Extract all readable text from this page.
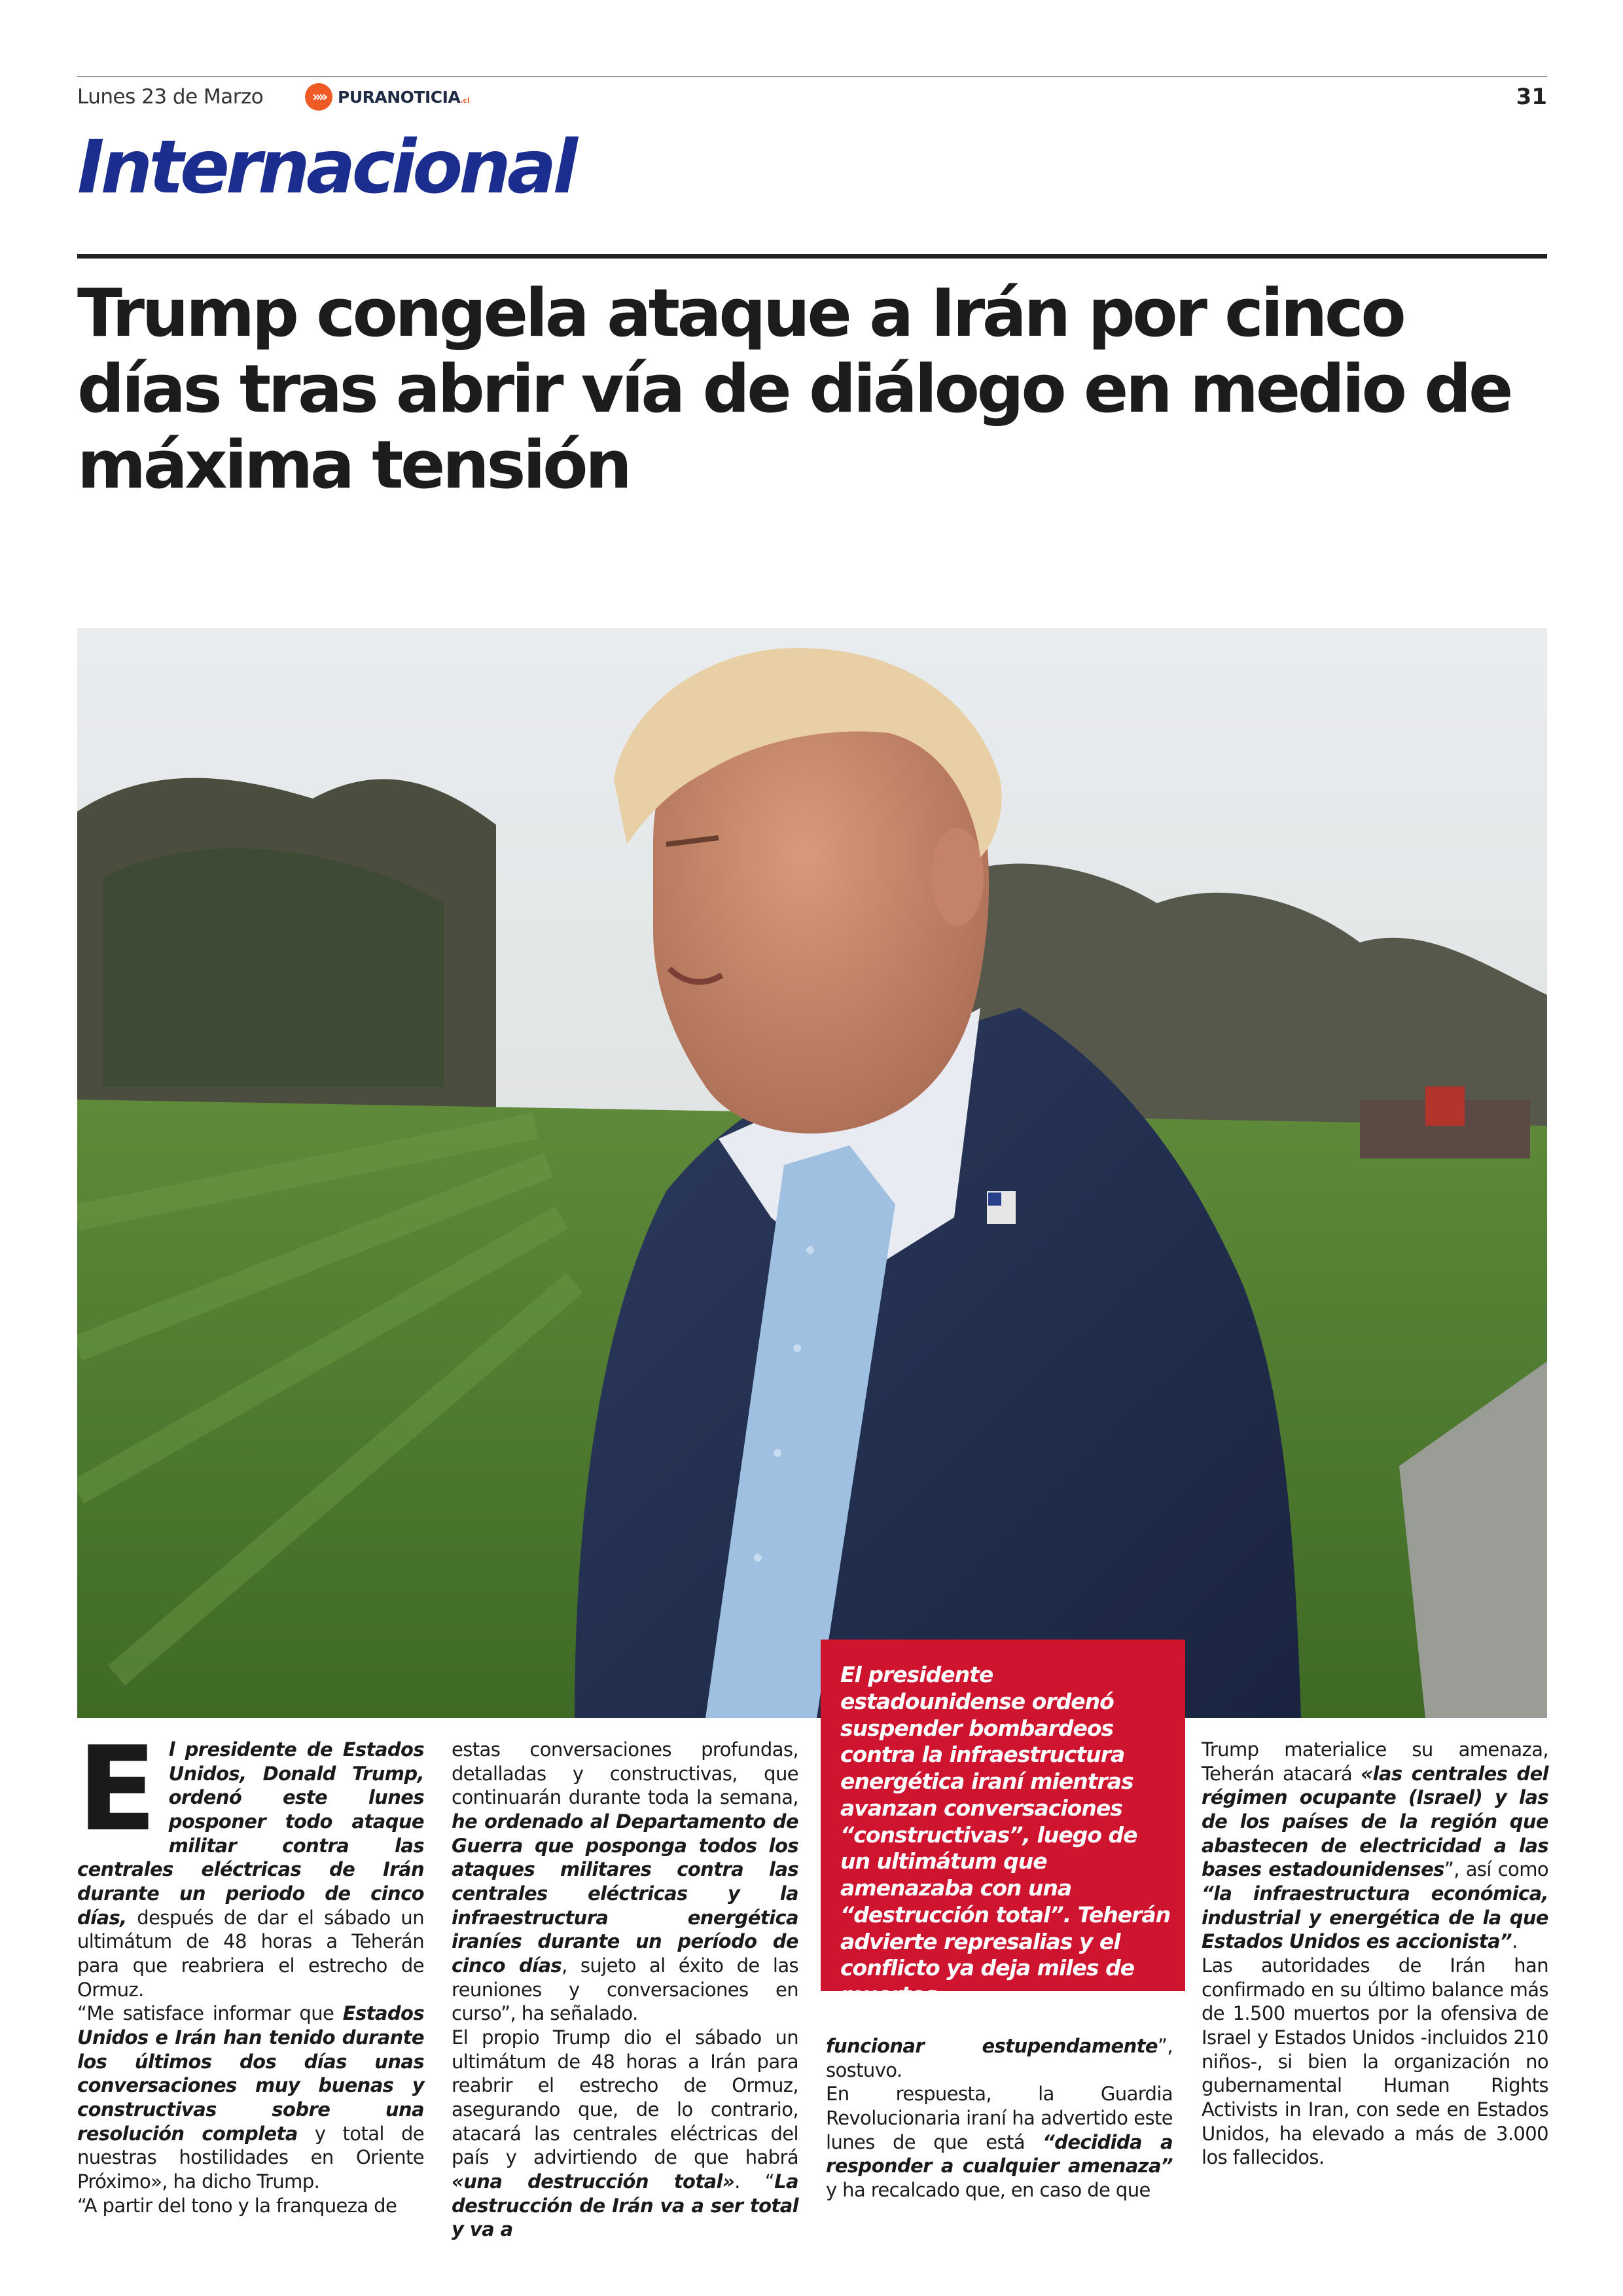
Lunes 23 de Marzo	»» PURANOTICIA.cl	31
Internacional
Trump congela ataque a Irán por cinco días tras abrir vía de diálogo en medio de máxima tensión
El presidente estadounidense ordenó suspender bombardeos contra la infraestructura energética iraní mientras avanzan conversaciones “constructivas”, luego de un ultimátum que amenazaba con una “destrucción total”. Teherán advierte represalias y el conflicto ya deja miles de muertos.

El presidente de Estados Unidos, Donald Trump, ordenó este lunes posponer todo ataque militar contra las centrales eléctricas de Irán durante un periodo de cinco días, después de dar el sábado un ultimátum de 48 horas a Teherán para que reabriera el estrecho de Ormuz.

“Me satisface informar que Estados Unidos e Irán han tenido durante los últimos dos días unas conversaciones muy buenas y constructivas sobre una resolución completa y total de nuestras hostilidades en Oriente Próximo», ha dicho Trump.

“A partir del tono y la franqueza de

estas conversaciones profundas, detalladas y constructivas, que continuarán durante toda la semana, he ordenado al Departamento de Guerra que posponga todos los ataques militares contra las centrales eléctricas y la infraestructura energética iraníes durante un período de cinco días, sujeto al éxito de las reuniones y conversaciones en curso”, ha señalado.

El propio Trump dio el sábado un ultimátum de 48 horas a Irán para reabrir el estrecho de Ormuz, asegurando que, de lo contrario, atacará las centrales eléctricas del país y advirtiendo de que habrá «una destrucción total». “La destrucción de Irán va a ser total y va a

funcionar estupendamente”, sostuvo.

En respuesta, la Guardia Revolucionaria iraní ha advertido este lunes de que está “decidida a responder a cualquier amenaza” y ha recalcado que, en caso de que

Trump materialice su amenaza, Teherán atacará «las centrales del régimen ocupante (Israel) y las de los países de la región que abastecen de electricidad a las bases estadounidenses”, así como “la infraestructura económica, industrial y energética de la que Estados Unidos es accionista”.

Las autoridades de Irán han confirmado en su último balance más de 1.500 muertos por la ofensiva de Israel y Estados Unidos -incluidos 210 niños-, si bien la organización no gubernamental Human Rights Activists in Iran, con sede en Estados Unidos, ha elevado a más de 3.000 los fallecidos.
